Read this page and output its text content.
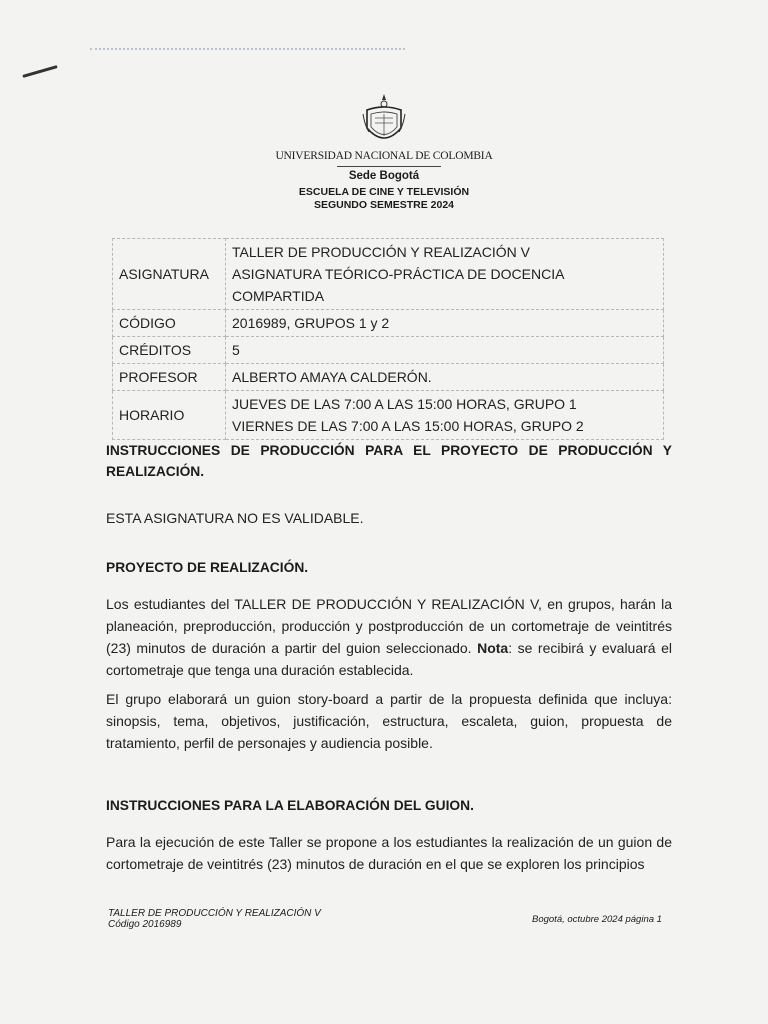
UNIVERSIDAD NACIONAL DE COLOMBIA
Sede Bogotá
ESCUELA DE CINE Y TELEVISIÓN
SEGUNDO SEMESTRE 2024
ASIGNATURA	TALLER DE PRODUCCIÓN Y REALIZACIÓN V
ASIGNATURA TEÓRICO-PRÁCTICA DE DOCENCIA COMPARTIDA

CÓDIGO	2016989, GRUPOS 1 y 2
CRÉDITOS	5
PROFESOR	ALBERTO AMAYA CALDERÓN.
HORARIO	JUEVES DE LAS 7:00 A LAS 15:00 HORAS, GRUPO 1
VIERNES DE LAS 7:00 A LAS 15:00 HORAS, GRUPO 2
INSTRUCCIONES DE PRODUCCIÓN PARA EL PROYECTO DE PRODUCCIÓN Y REALIZACIÓN.
ESTA ASIGNATURA NO ES VALIDABLE.
PROYECTO DE REALIZACIÓN.
Los estudiantes del TALLER DE PRODUCCIÓN Y REALIZACIÓN V, en grupos, harán la planeación, preproducción, producción y postproducción de un cortometraje de veintitrés (23) minutos de duración a partir del guion seleccionado. Nota: se recibirá y evaluará el cortometraje que tenga una duración establecida.
El grupo elaborará un guion story-board a partir de la propuesta definida que incluya: sinopsis, tema, objetivos, justificación, estructura, escaleta, guion, propuesta de tratamiento, perfil de personajes y audiencia posible.
INSTRUCCIONES PARA LA ELABORACIÓN DEL GUION.
Para la ejecución de este Taller se propone a los estudiantes la realización de un guion de cortometraje de veintitrés (23) minutos de duración en el que se exploren los principios
TALLER DE PRODUCCIÓN Y REALIZACIÓN V
Código 2016989	Bogotá, octubre 2024 página 1
